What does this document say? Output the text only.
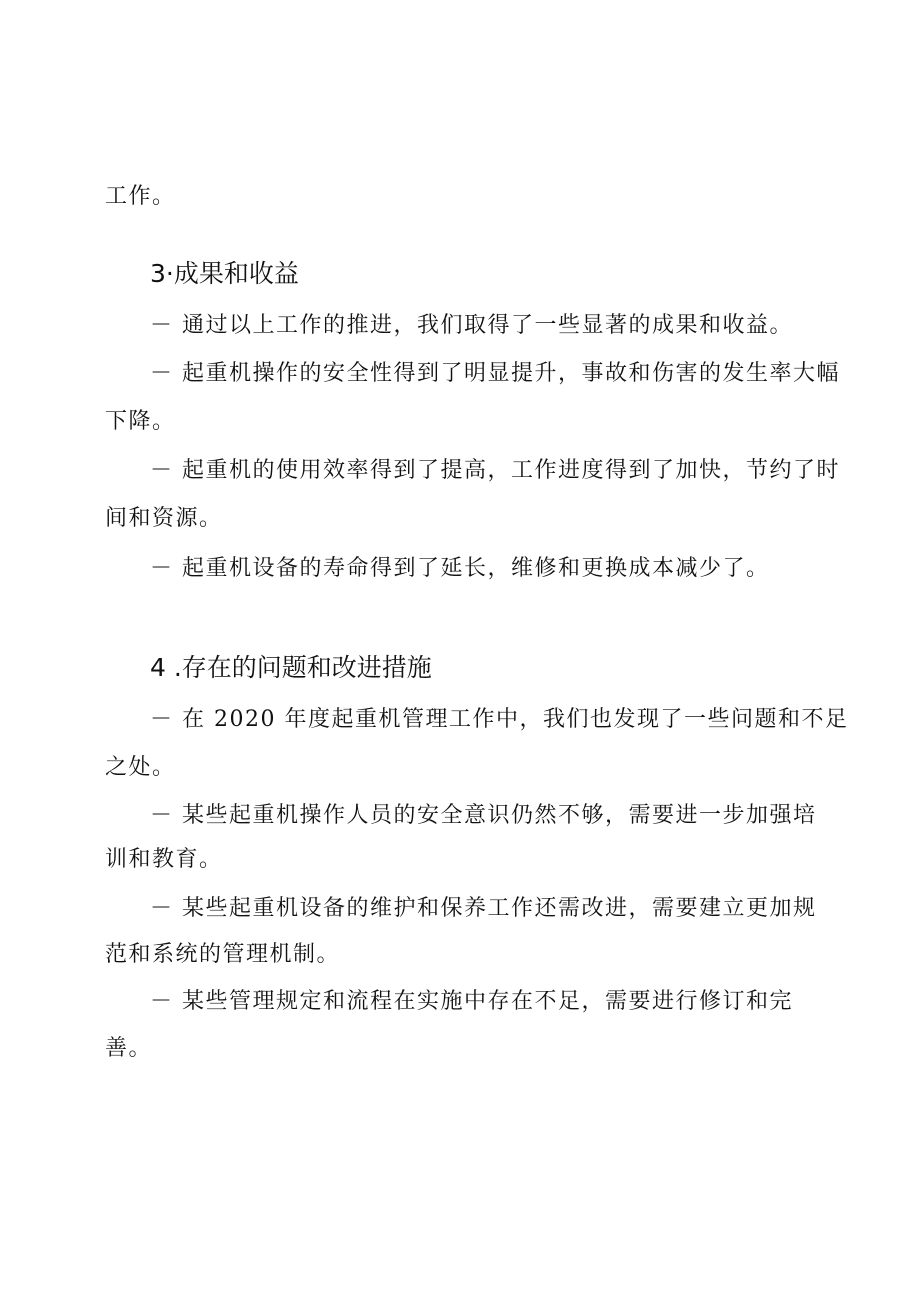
工作。
3·成果和收益
－ 通过以上工作的推进，我们取得了一些显著的成果和收益。
－ 起重机操作的安全性得到了明显提升，事故和伤害的发生率大幅
下降。
－ 起重机的使用效率得到了提高，工作进度得到了加快，节约了时
间和资源。
－ 起重机设备的寿命得到了延长，维修和更换成本减少了。
4 .存在的问题和改进措施
－ 在 2020 年度起重机管理工作中，我们也发现了一些问题和不足
之处。
－ 某些起重机操作人员的安全意识仍然不够，需要进一步加强培
训和教育。
－ 某些起重机设备的维护和保养工作还需改进，需要建立更加规
范和系统的管理机制。
－ 某些管理规定和流程在实施中存在不足，需要进行修订和完
善。
